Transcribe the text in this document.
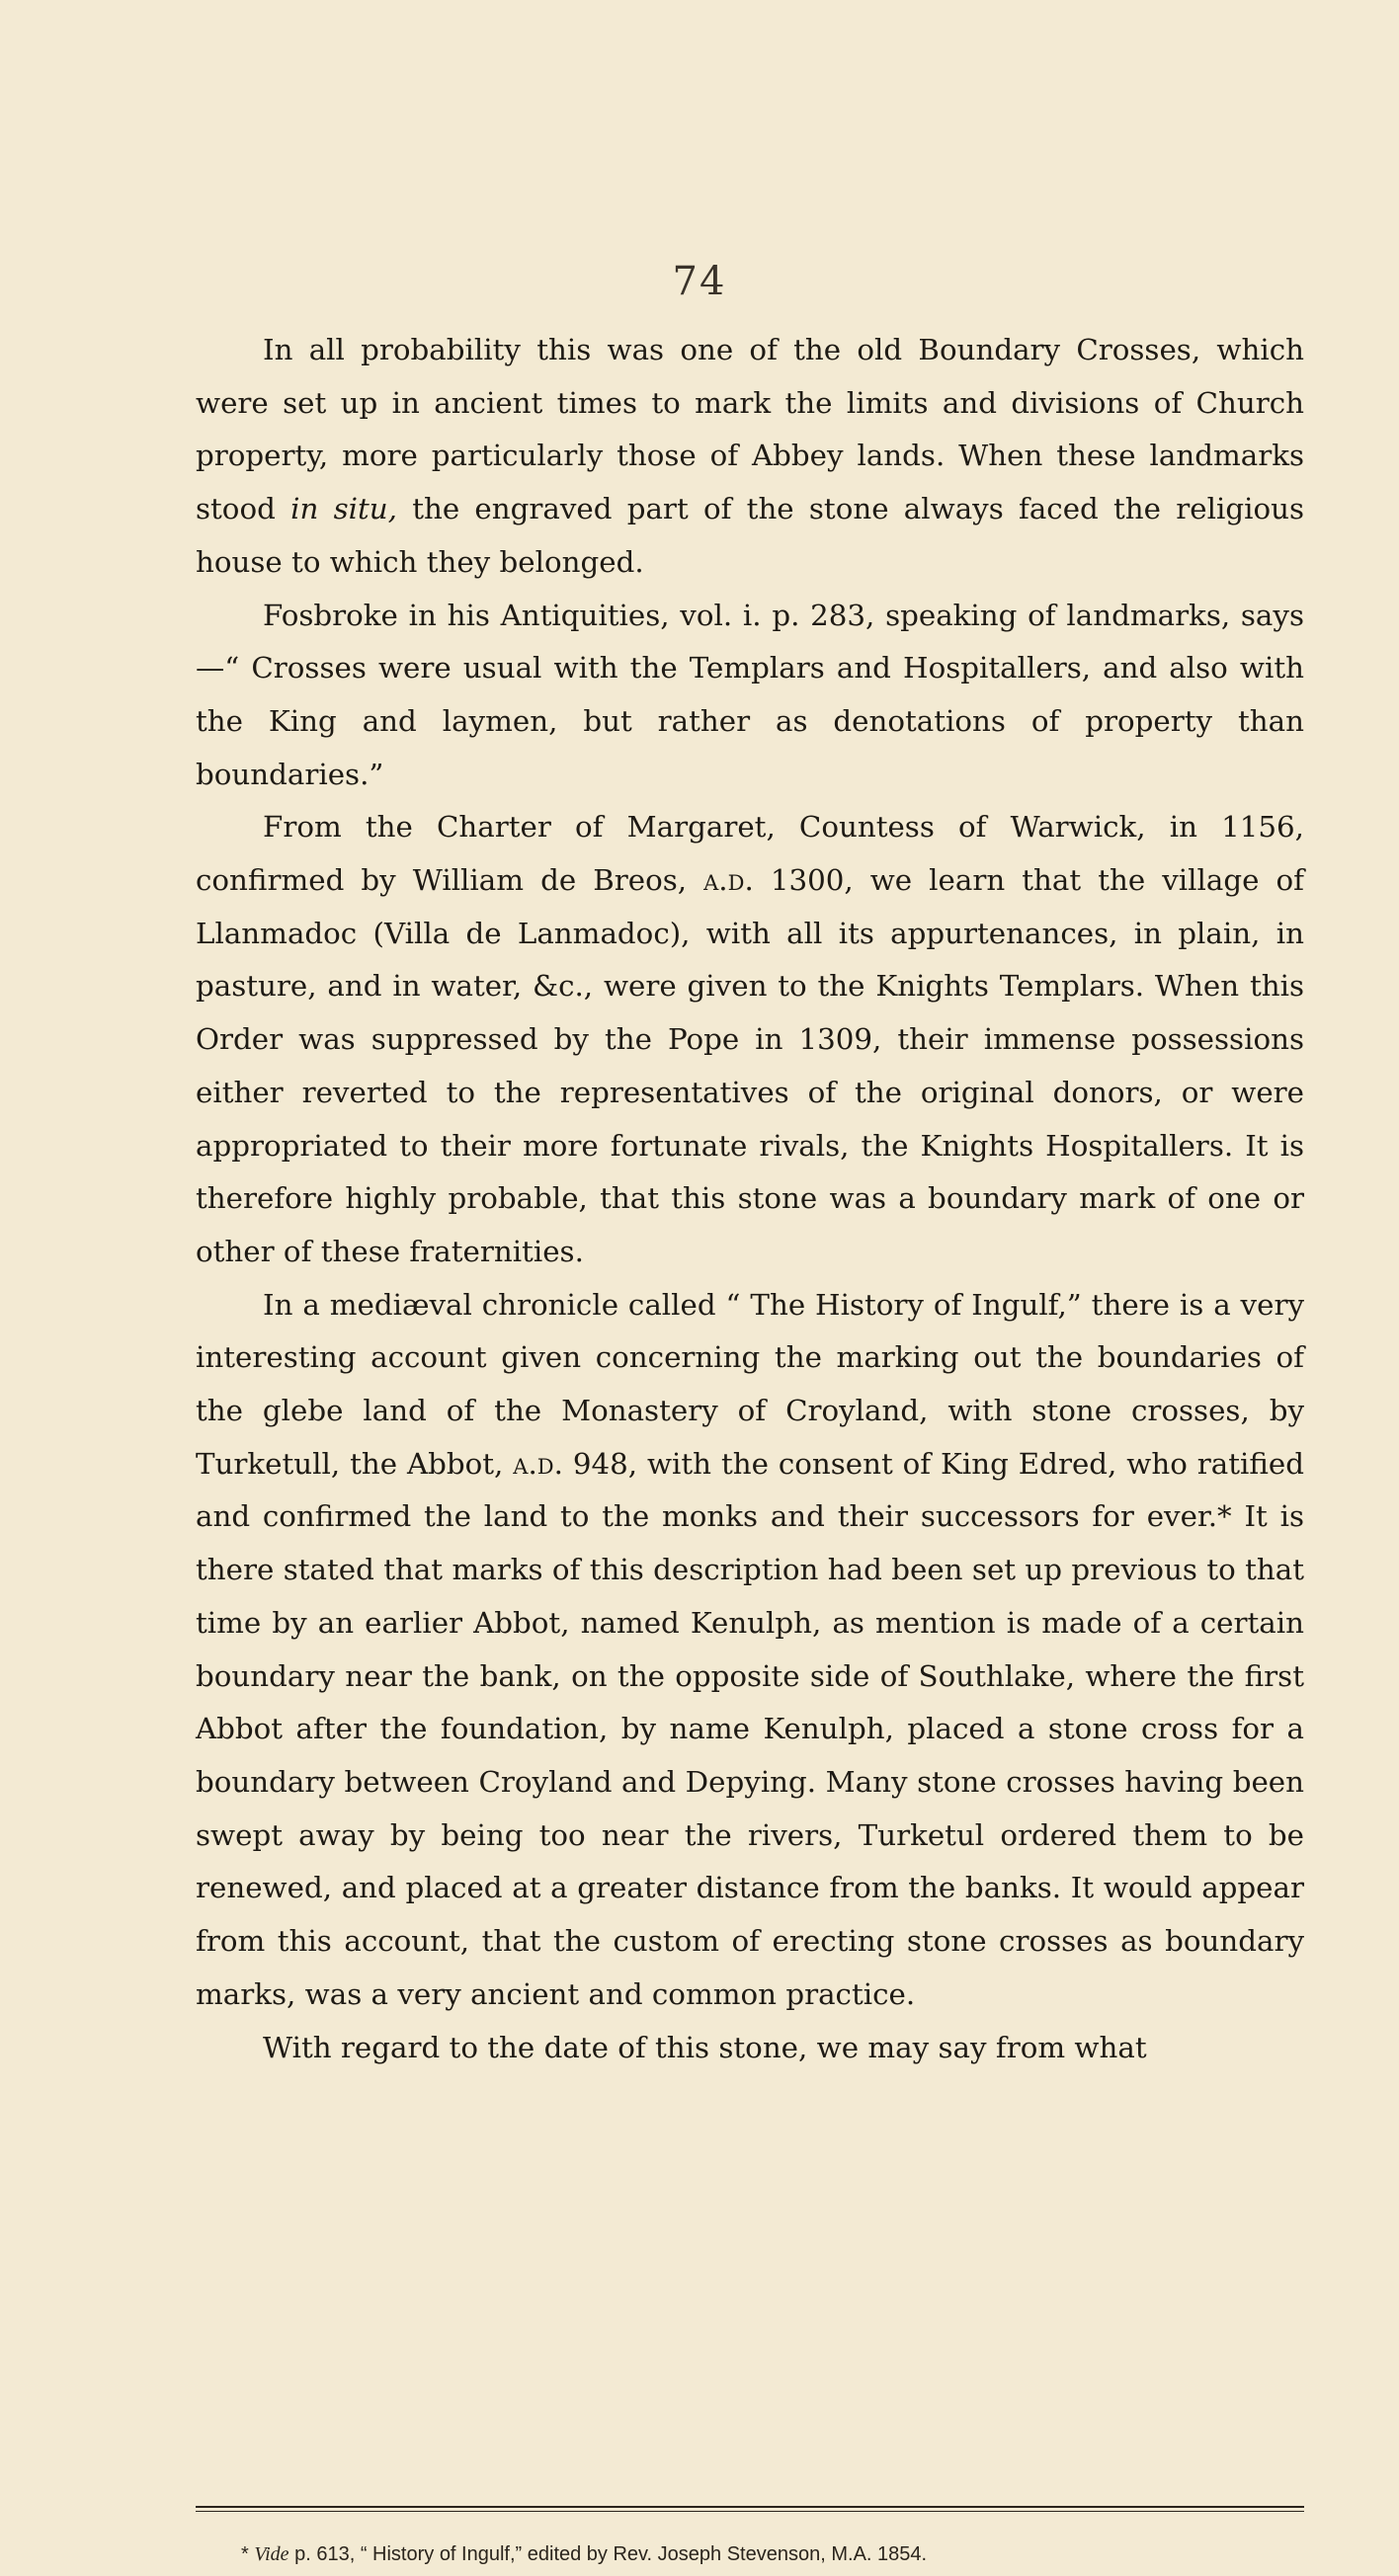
74

In all probability this was one of the old Boundary Crosses, which were set up in ancient times to mark the limits and divisions of Church property, more particularly those of Abbey lands. When these landmarks stood in situ, the engraved part of the stone always faced the religious house to which they belonged.

Fosbroke in his Antiquities, vol. i. p. 283, speaking of landmarks, says—“ Crosses were usual with the Templars and Hospitallers, and also with the King and laymen, but rather as denotations of property than boundaries.”

From the Charter of Margaret, Countess of Warwick, in 1156, confirmed by William de Breos, a.d. 1300, we learn that the village of Llanmadoc (Villa de Lanmadoc), with all its appurtenances, in plain, in pasture, and in water, &c., were given to the Knights Templars. When this Order was suppressed by the Pope in 1309, their immense possessions either reverted to the representatives of the original donors, or were appropriated to their more fortunate rivals, the Knights Hospitallers. It is therefore highly probable, that this stone was a boundary mark of one or other of these fraternities.

In a mediæval chronicle called “ The History of Ingulf,” there is a very interesting account given concerning the marking out the boundaries of the glebe land of the Monastery of Croyland, with stone crosses, by Turketull, the Abbot, a.d. 948, with the consent of King Edred, who ratified and confirmed the land to the monks and their successors for ever.* It is there stated that marks of this description had been set up previous to that time by an earlier Abbot, named Kenulph, as mention is made of a certain boundary near the bank, on the opposite side of Southlake, where the first Abbot after the foundation, by name Kenulph, placed a stone cross for a boundary between Croyland and Depying. Many stone crosses having been swept away by being too near the rivers, Turketul ordered them to be renewed, and placed at a greater distance from the banks. It would appear from this account, that the custom of erecting stone crosses as boundary marks, was a very ancient and common practice.

With regard to the date of this stone, we may say from what

* Vide p. 613, “ History of Ingulf,” edited by Rev. Joseph Stevenson, M.A. 1854.
